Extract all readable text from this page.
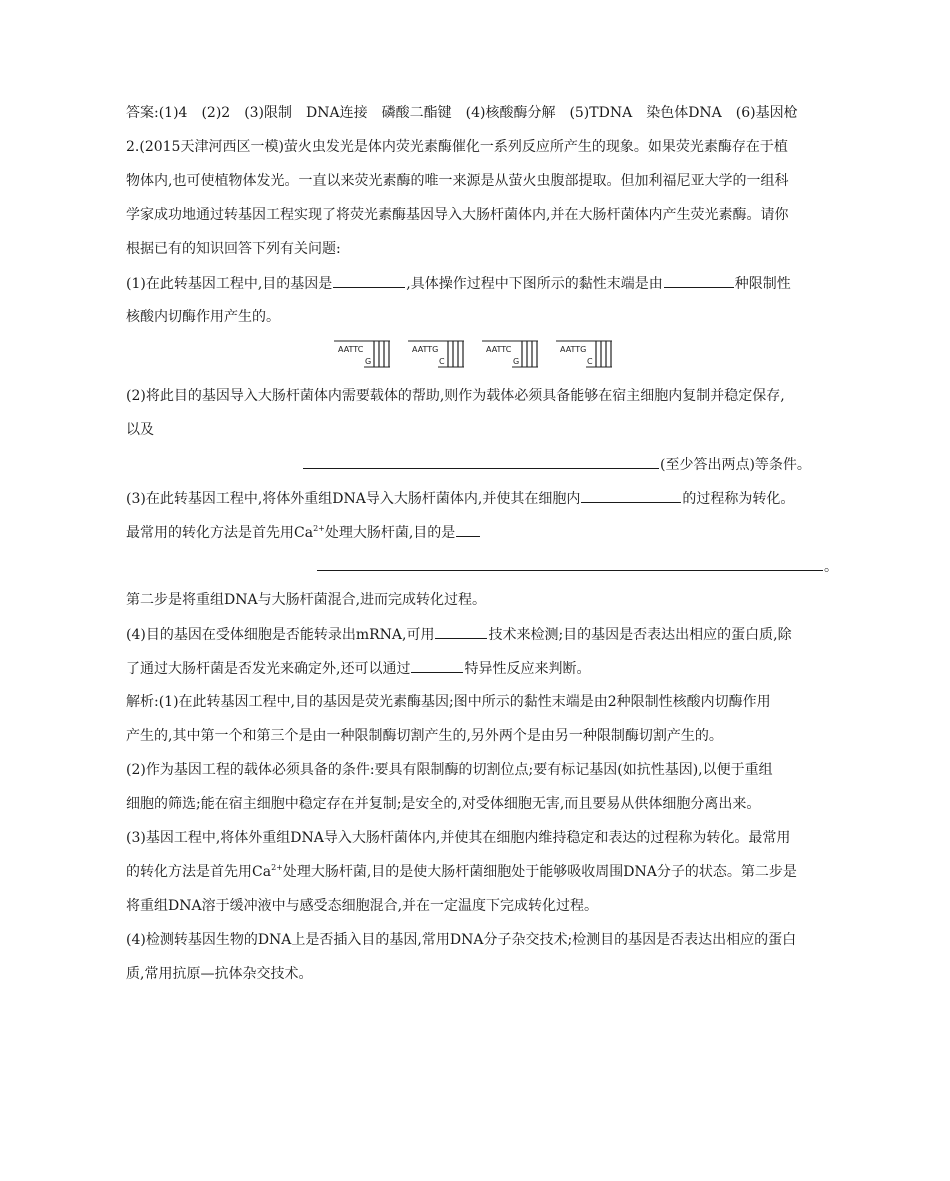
答案:(1)4　(2)2　(3)限制　DNA连接　磷酸二酯键　(4)核酸酶分解　(5)TDNA　染色体DNA　(6)基因枪
2.(2015天津河西区一模)萤火虫发光是体内荧光素酶催化一系列反应所产生的现象。如果荧光素酶存在于植
物体内,也可使植物体发光。一直以来荧光素酶的唯一来源是从萤火虫腹部提取。但加利福尼亚大学的一组科
学家成功地通过转基因工程实现了将荧光素酶基因导入大肠杆菌体内,并在大肠杆菌体内产生荧光素酶。请你
根据已有的知识回答下列有关问题:
(1)在此转基因工程中,目的基因是	,具体操作过程中下图所示的黏性末端是由	种限制性
核酸内切酶作用产生的。
AATTC
G
AATTG
C
AATTC
G
AATTG
C
(2)将此目的基因导入大肠杆菌体内需要载体的帮助,则作为载体必须具备能够在宿主细胞内复制并稳定保存,
以及
(至少答出两点)等条件。
(3)在此转基因工程中,将体外重组DNA导入大肠杆菌体内,并使其在细胞内	的过程称为转化。
最常用的转化方法是首先用$Ca^{2+}$处理大肠杆菌,目的是
。
第二步是将重组DNA与大肠杆菌混合,进而完成转化过程。
(4)目的基因在受体细胞是否能转录出mRNA,可用	技术来检测;目的基因是否表达出相应的蛋白质,除
了通过大肠杆菌是否发光来确定外,还可以通过	特异性反应来判断。
解析:(1)在此转基因工程中,目的基因是荧光素酶基因;图中所示的黏性末端是由2种限制性核酸内切酶作用
产生的,其中第一个和第三个是由一种限制酶切割产生的,另外两个是由另一种限制酶切割产生的。
(2)作为基因工程的载体必须具备的条件:要具有限制酶的切割位点;要有标记基因(如抗性基因),以便于重组
细胞的筛选;能在宿主细胞中稳定存在并复制;是安全的,对受体细胞无害,而且要易从供体细胞分离出来。
(3)基因工程中,将体外重组DNA导入大肠杆菌体内,并使其在细胞内维持稳定和表达的过程称为转化。最常用
的转化方法是首先用$Ca^{2+}$处理大肠杆菌,目的是使大肠杆菌细胞处于能够吸收周围DNA分子的状态。第二步是
将重组DNA溶于缓冲液中与感受态细胞混合,并在一定温度下完成转化过程。
(4)检测转基因生物的DNA上是否插入目的基因,常用DNA分子杂交技术;检测目的基因是否表达出相应的蛋白
质,常用抗原—抗体杂交技术。
